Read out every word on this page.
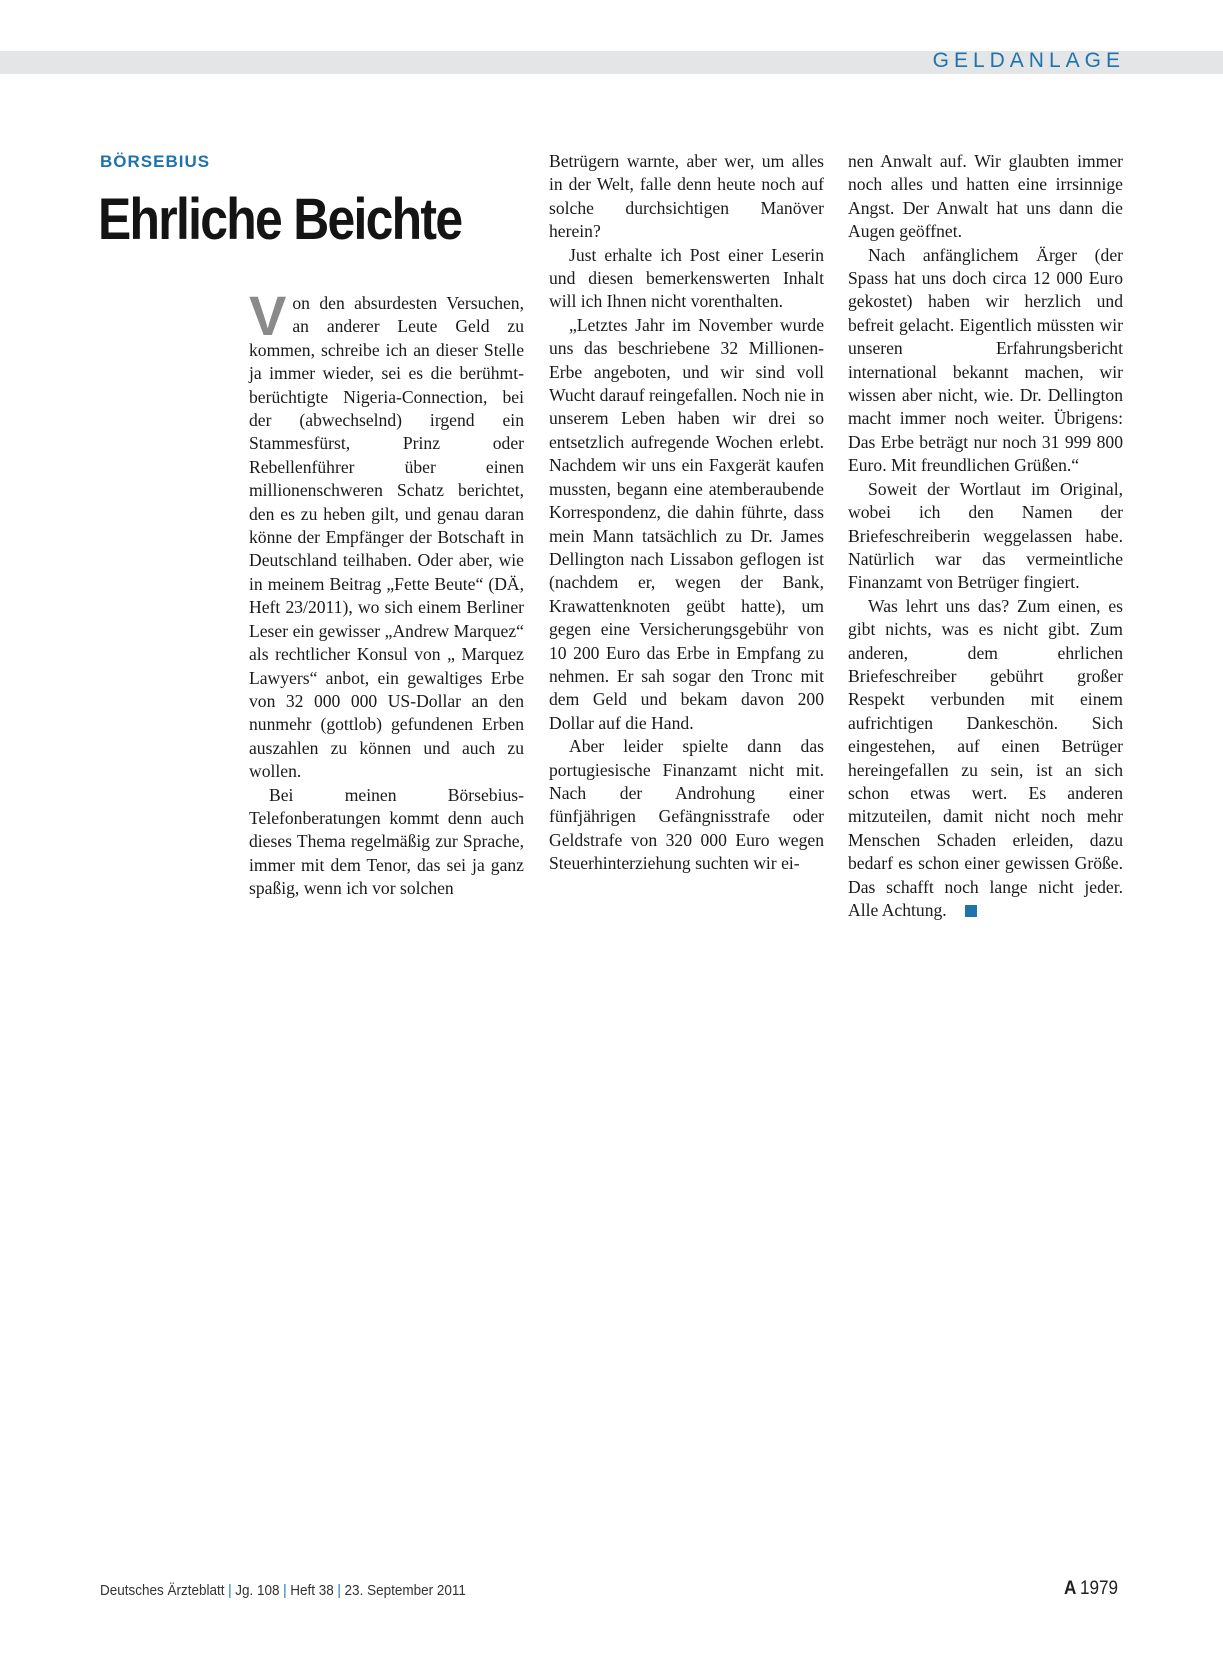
GELDANLAGE
BÖRSEBIUS
Ehrliche Beichte

Von den absurdesten Versuchen, an anderer Leute Geld zu kommen, schreibe ich an dieser Stelle ja immer wieder, sei es die berühmt-berüchtigte Nigeria-Connection, bei der (abwechselnd) irgend ein Stammesfürst, Prinz oder Rebellenführer über einen millionenschweren Schatz berichtet, den es zu heben gilt, und genau daran könne der Empfänger der Botschaft in Deutschland teilhaben. Oder aber, wie in meinem Beitrag „Fette Beute“ (DÄ, Heft 23/2011), wo sich einem Berliner Leser ein gewisser „Andrew Marquez“ als rechtlicher Konsul von „ Marquez Lawyers“ anbot, ein gewaltiges Erbe von 32 000 000 US-Dollar an den nunmehr (gottlob) gefundenen Erben auszahlen zu können und auch zu wollen.

Bei meinen Börsebius-Telefonberatungen kommt denn auch dieses Thema regelmäßig zur Sprache, immer mit dem Tenor, das sei ja ganz spaßig, wenn ich vor solchen

Betrügern warnte, aber wer, um alles in der Welt, falle denn heute noch auf solche durchsichtigen Manöver herein?

Just erhalte ich Post einer Leserin und diesen bemerkenswerten Inhalt will ich Ihnen nicht vorenthalten.

„Letztes Jahr im November wurde uns das beschriebene 32 Millionen-Erbe angeboten, und wir sind voll Wucht darauf reingefallen. Noch nie in unserem Leben haben wir drei so entsetzlich aufregende Wochen erlebt. Nachdem wir uns ein Faxgerät kaufen mussten, begann eine atemberaubende Korrespondenz, die dahin führte, dass mein Mann tatsächlich zu Dr. James Dellington nach Lissabon geflogen ist (nachdem er, wegen der Bank, Krawattenknoten geübt hatte), um gegen eine Versicherungsgebühr von 10 200 Euro das Erbe in Empfang zu nehmen. Er sah sogar den Tronc mit dem Geld und bekam davon 200 Dollar auf die Hand.

Aber leider spielte dann das portugiesische Finanzamt nicht mit. Nach der Androhung einer fünfjährigen Gefängnisstrafe oder Geldstrafe von 320 000 Euro wegen Steuerhinterziehung suchten wir ei-

nen Anwalt auf. Wir glaubten immer noch alles und hatten eine irrsinnige Angst. Der Anwalt hat uns dann die Augen geöffnet.

Nach anfänglichem Ärger (der Spass hat uns doch circa 12 000 Euro gekostet) haben wir herzlich und befreit gelacht. Eigentlich müssten wir unseren Erfahrungsbericht international bekannt machen, wir wissen aber nicht, wie. Dr. Dellington macht immer noch weiter. Übrigens: Das Erbe beträgt nur noch 31 999 800 Euro. Mit freundlichen Grüßen.“

Soweit der Wortlaut im Original, wobei ich den Namen der Briefeschreiberin weggelassen habe. Natürlich war das vermeintliche Finanzamt von Betrüger fingiert.

Was lehrt uns das? Zum einen, es gibt nichts, was es nicht gibt. Zum anderen, dem ehrlichen Briefeschreiber gebührt großer Respekt verbunden mit einem aufrichtigen Dankeschön. Sich eingestehen, auf einen Betrüger hereingefallen zu sein, ist an sich schon etwas wert. Es anderen mitzuteilen, damit nicht noch mehr Menschen Schaden erleiden, dazu bedarf es schon einer gewissen Größe. Das schafft noch lange nicht jeder. Alle Achtung.

Deutsches Ärzteblatt | Jg. 108 | Heft 38 | 23. September 2011	A 1979
